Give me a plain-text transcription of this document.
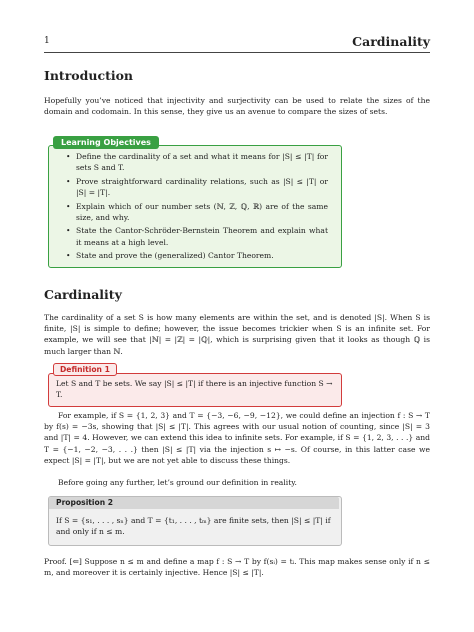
1	Cardinality
Introduction

Hopefully you’ve noticed that injectivity and surjectivity can be used to relate the sizes of the domain and codomain. In this sense, they give us an avenue to compare the sizes of sets.

Learning Objectives
• Define the cardinality of a set and what it means for |S| ≤ |T| for sets S and T.
• Prove straightforward cardinality relations, such as |S| ≤ |T| or |S| = |T|.
• Explain which of our number sets (ℕ, ℤ, ℚ, ℝ) are of the same size, and why.
• State the Cantor-Schröder-Bernstein Theorem and explain what it means at a high level.
• State and prove the (generalized) Cantor Theorem.
Cardinality

The cardinality of a set S is how many elements are within the set, and is denoted |S|. When S is finite, |S| is simple to define; however, the issue becomes trickier when S is an infinite set. For example, we will see that |ℕ| = |ℤ| = |ℚ|, which is surprising given that it looks as though ℚ is much larger than ℕ.

Definition 1

Let S and T be sets. We say |S| ≤ |T| if there is an injective function S → T.

For example, if S = {1, 2, 3} and T = {−3, −6, −9, −12}, we could define an injection f : S → T by f(s) = −3s, showing that |S| ≤ |T|. This agrees with our usual notion of counting, since |S| = 3 and |T| = 4. However, we can extend this idea to infinite sets. For example, if S = {1, 2, 3, . . .} and T = {−1, −2, −3, . . .} then |S| ≤ |T| via the injection s ↦ −s. Of course, in this latter case we expect |S| = |T|, but we are not yet able to discuss these things.

Before going any further, let’s ground our definition in reality.

Proposition 2

If S = {s₁, . . . , sₙ} and T = {t₁, . . . , tₘ} are finite sets, then |S| ≤ |T| if and only if n ≤ m.

Proof. [⇐] Suppose n ≤ m and define a map f : S → T by f(sᵢ) = tᵢ. This map makes sense only if n ≤ m, and moreover it is certainly injective. Hence |S| ≤ |T|.
